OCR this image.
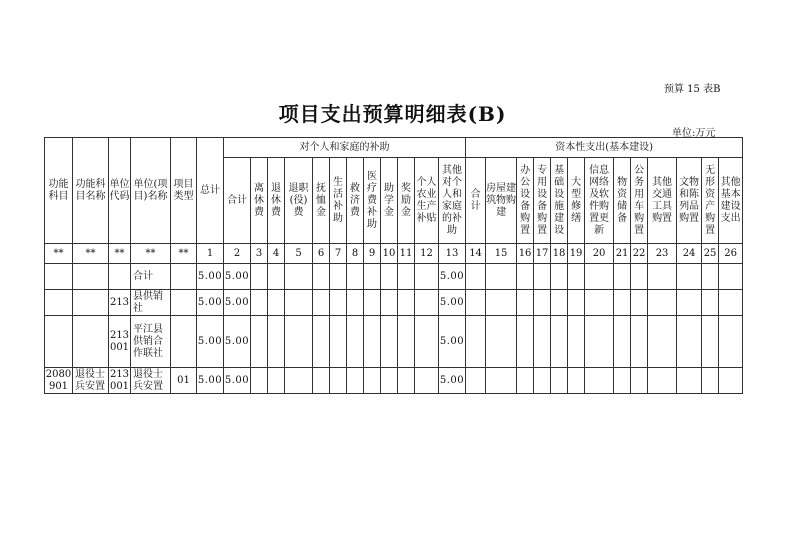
预算 15 表B
项目支出预算明细表(B)
单位:万元
功能科目	功能科目名称	单位代码	单位(项目)名称	项目类型	总计	对个人和家庭的补助												资本性支出(基本建设)												
						合计	离休费	退休费	退职(役)费	抚恤金	生活补助	救济费	医疗费补助	助学金	奖励金	个人农业生产补贴	其他对个人和家庭的补助	合计	房屋建筑物购建	办公设备购置	专用设备购置	基础设施建设	大型修缮	信息网络及软件购置更新	物资储备	公务用车购置	其他交通工具购置	文物和陈列品购置	无形资产购置	其他基本建设支出
**	**	**	**	**	1	2	3	4	5	6	7	8	9	10	11	12	13	14	15	16	17	18	19	20	21	22	23	24	25	26
			合计		5.00	5.00											5.00													
		213	县供销社		5.00	5.00											5.00													
		213001	平江县供销合作联社		5.00	5.00											5.00													
2080901	退役士兵安置	213001	退役士兵安置	01	5.00	5.00											5.00													
